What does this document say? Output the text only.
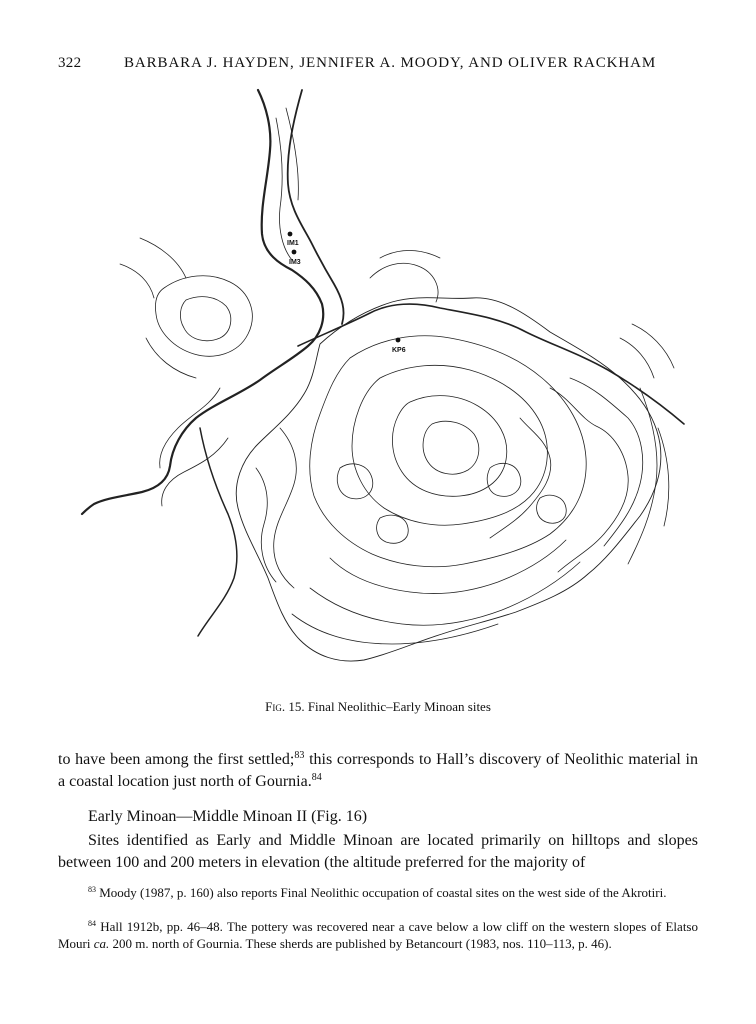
322	BARBARA J. HAYDEN, JENNIFER A. MOODY, AND OLIVER RACKHAM
IM1
IM3
KP6
Fig. 15. Final Neolithic–Early Minoan sites
to have been among the first settled;$^{83}$ this corresponds to Hall’s discovery of Neolithic material in a coastal location just north of Gournia.$^{84}$
Early Minoan—Middle Minoan II (Fig. 16)
Sites identified as Early and Middle Minoan are located primarily on hilltops and slopes between 100 and 200 meters in elevation (the altitude preferred for the majority of
$^{83}$ Moody (1987, p. 160) also reports Final Neolithic occupation of coastal sites on the west side of the Akrotiri.
$^{84}$ Hall 1912b, pp. 46–48. The pottery was recovered near a cave below a low cliff on the western slopes of Elatso Mouri ca. 200 m. north of Gournia. These sherds are published by Betancourt (1983, nos. 110–113, p. 46).
